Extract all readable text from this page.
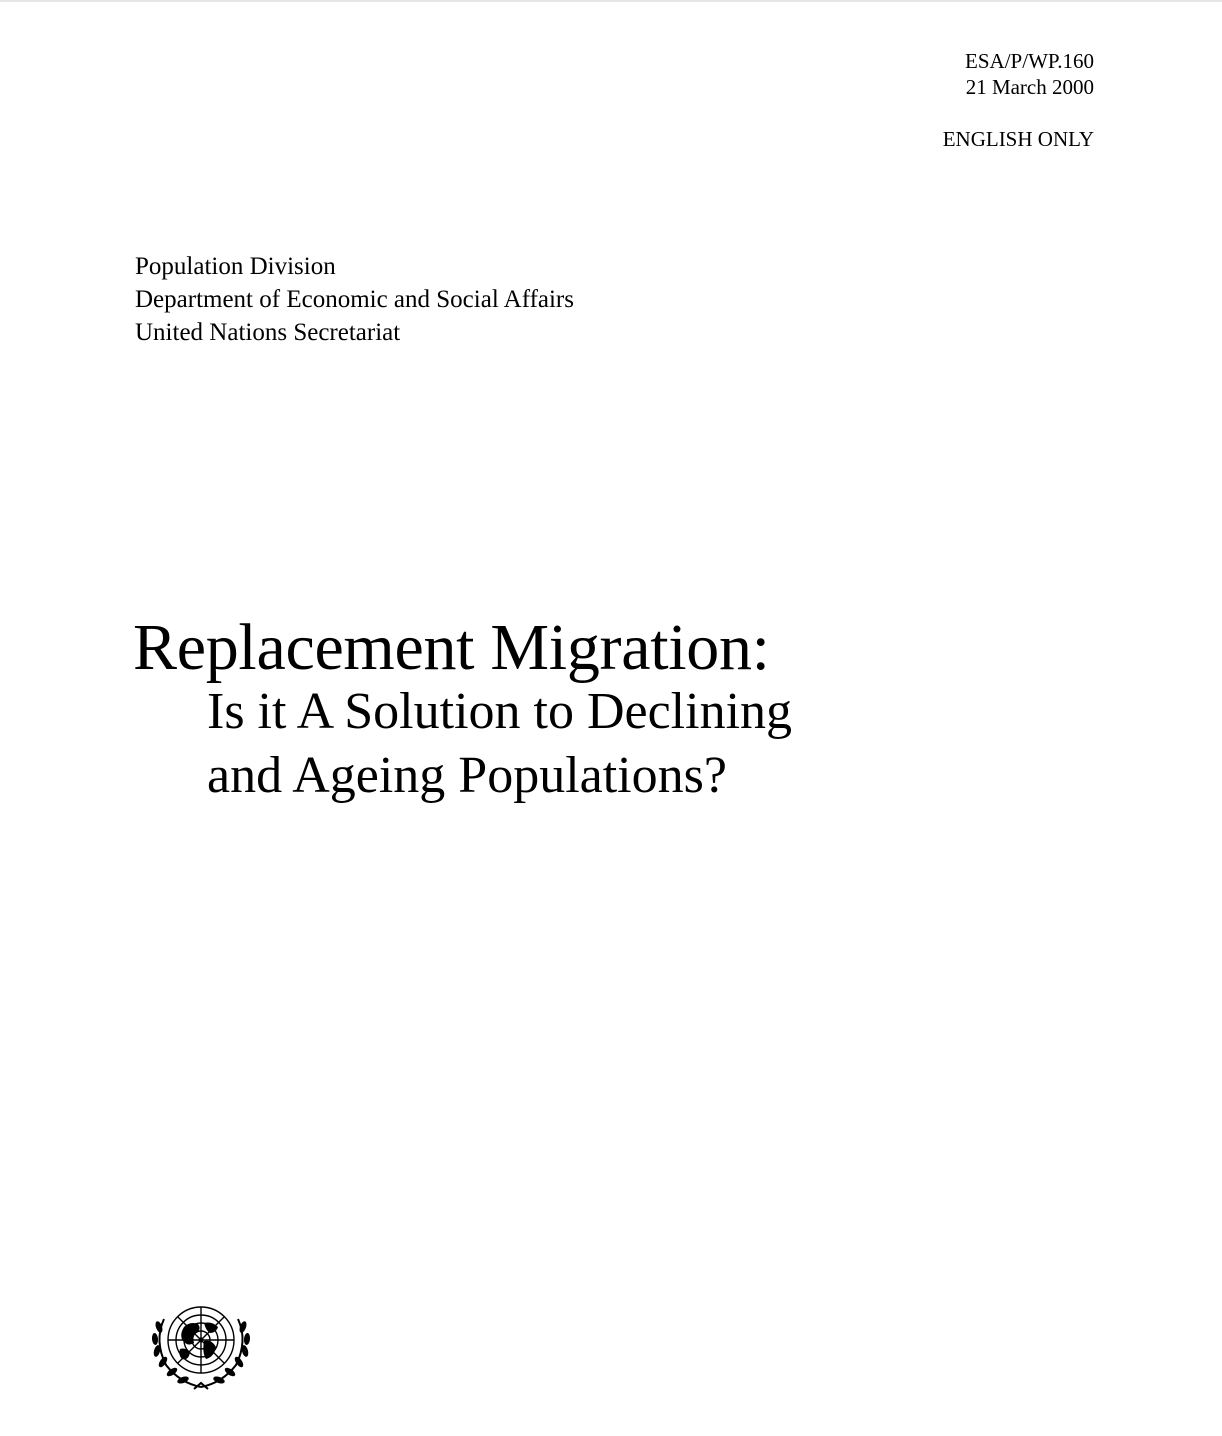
ESA/P/WP.160
21 March 2000
ENGLISH ONLY
Population Division
Department of Economic and Social Affairs
United Nations Secretariat
Replacement Migration:
Is it A Solution to Declining
and Ageing Populations?
